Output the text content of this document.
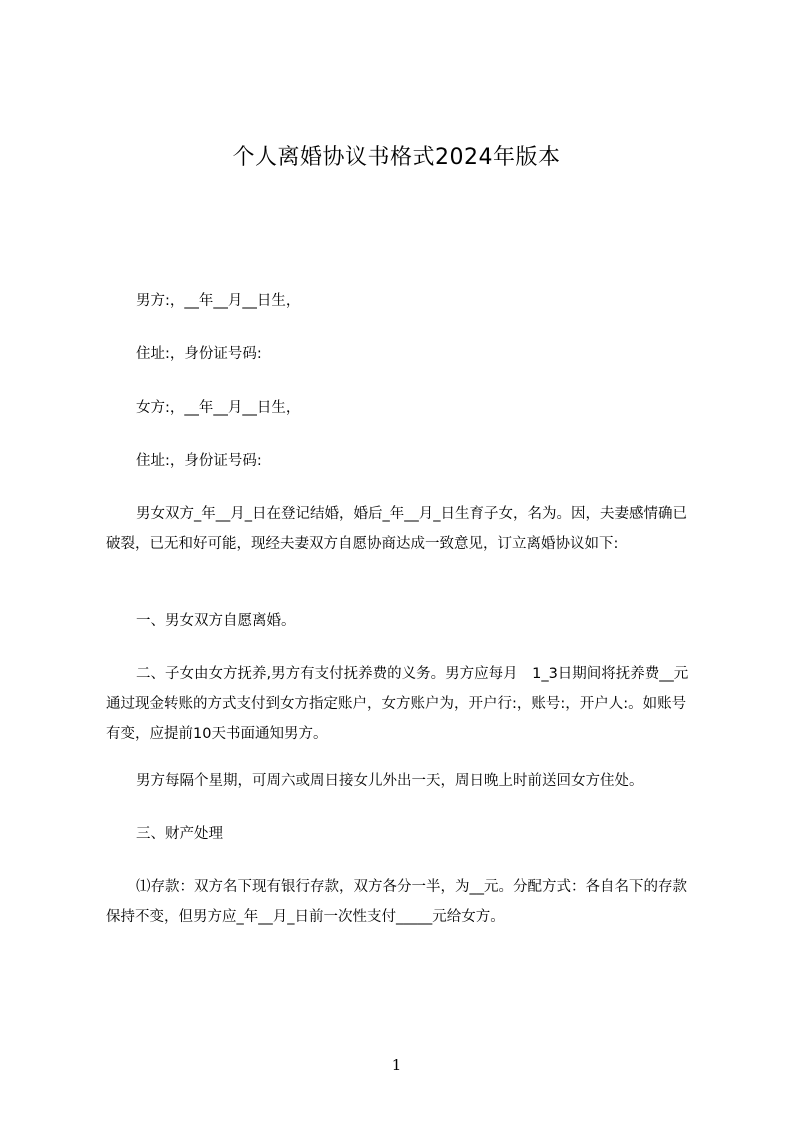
个人离婚协议书格式2024年版本

男方:，__年__月__日生，

住址:，身份证号码:

女方:，__年__月__日生，

住址:，身份证号码:

男女双方_年__月_日在登记结婚，婚后_年__月_日生育子女，名为。因，夫妻感情确已破裂，已无和好可能，现经夫妻双方自愿协商达成一致意见，订立离婚协议如下:

一、男女双方自愿离婚。

二、子女由女方抚养,男方有支付抚养费的义务。男方应每月　1_3日期间将抚养费__元通过现金转账的方式支付到女方指定账户，女方账户为，开户行:，账号:，开户人:。如账号有变，应提前10天书面通知男方。

男方每隔个星期，可周六或周日接女儿外出一天，周日晚上时前送回女方住处。

三、财产处理

⑴存款：双方名下现有银行存款，双方各分一半，为__元。分配方式：各自名下的存款保持不变，但男方应_年__月_日前一次性支付_____元给女方。

1
